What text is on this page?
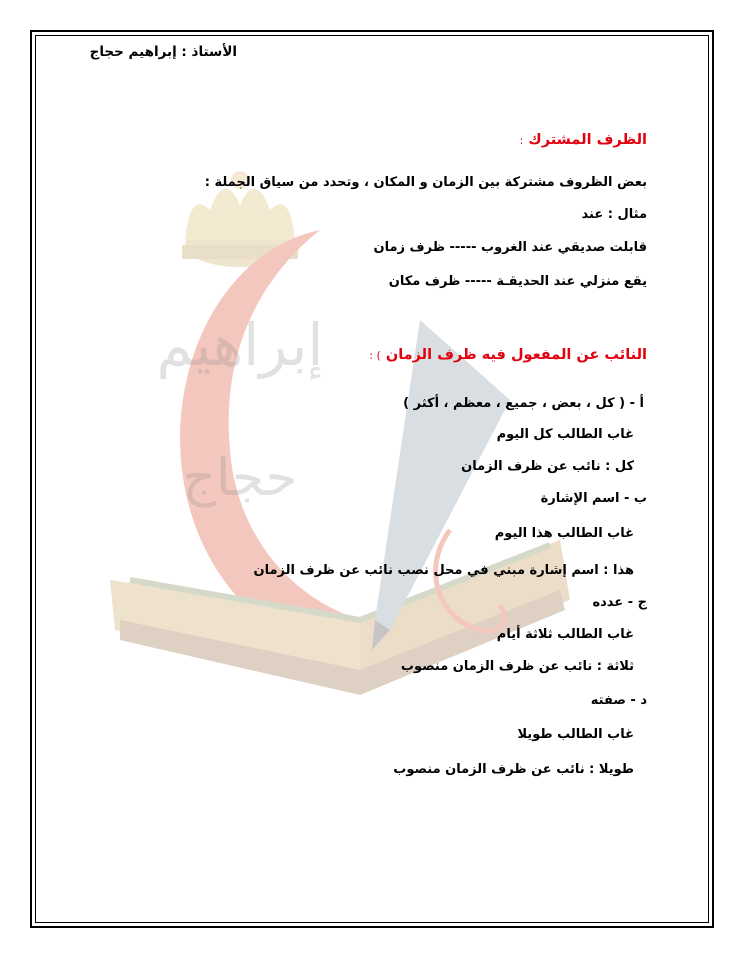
إبراهيم
حجاج
الأستاذ : إبراهيم حجاج
الظرف المشترك :
بعض الظروف مشتركة بين الزمان و المكان ، وتحدد من سياق الجملة :
مثال : عند
قابلت صديقي عند الغروب ----- ظرف زمان
يقع منزلي عند الحديقـة ----- ظرف مكان
النائب عن المفعول فيه ظرف الزمان ) :
أ - ( كل ، بعض ، جميع ، معظم ، أكثر )
غاب الطالب كل اليوم
كل : نائب عن ظرف الزمان
ب - اسم الإشارة
غاب الطالب هذا اليوم
هذا : اسم إشارة مبني في محل نصب نائب عن ظرف الزمان
ج - عدده
غاب الطالب ثلاثة أيام
ثلاثة : نائب عن ظرف الزمان منصوب
د - صفته
غاب الطالب طويلا
طويلا : نائب عن ظرف الزمان منصوب
